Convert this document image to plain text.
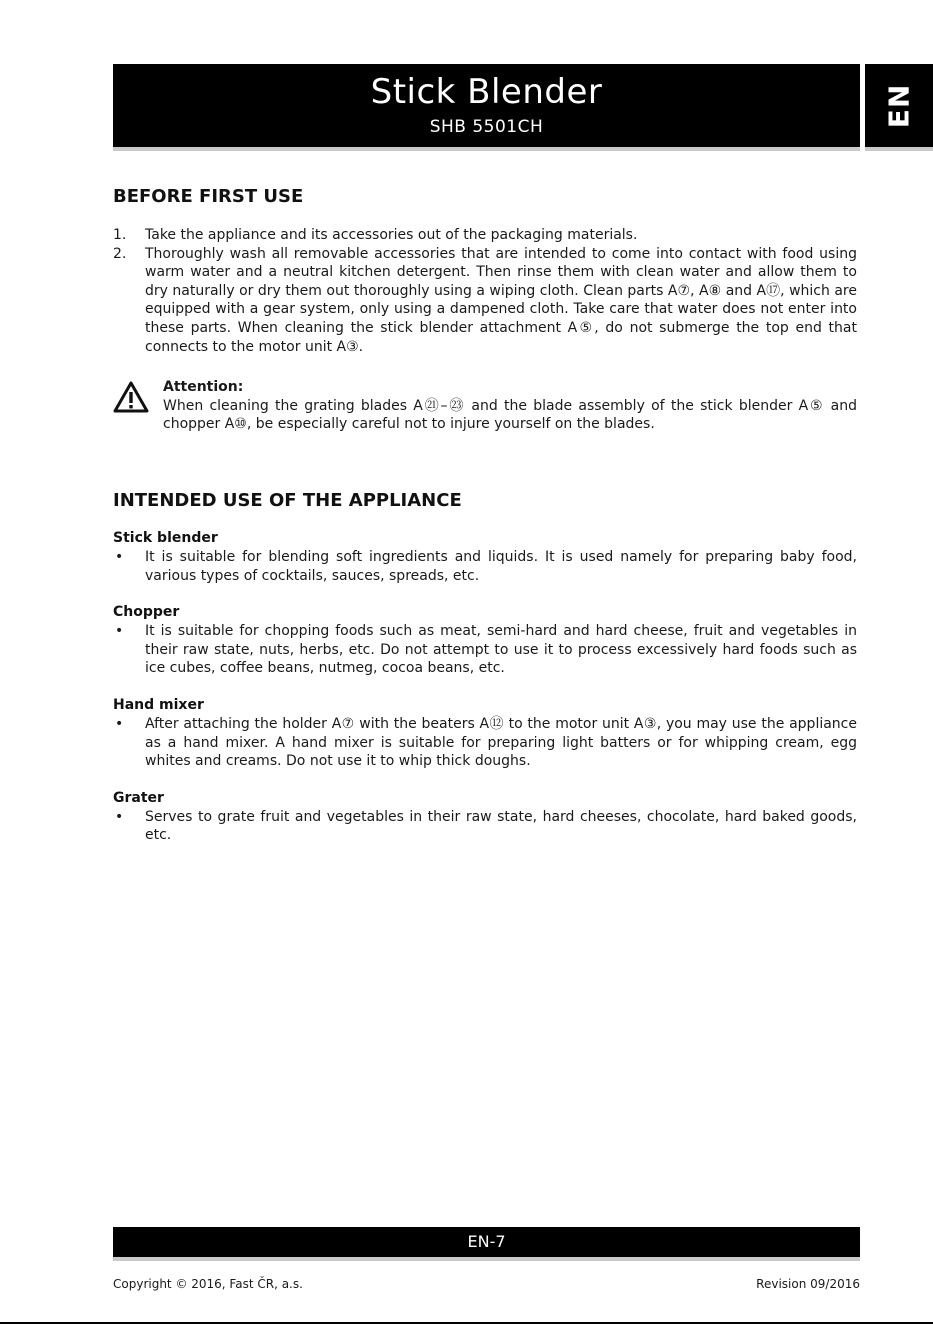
Stick Blender
SHB 5501CH	EN
BEFORE FIRST USE
1. Take the appliance and its accessories out of the packaging materials.
2. Thoroughly wash all removable accessories that are intended to come into contact with food using warm water and a neutral kitchen detergent. Then rinse them with clean water and allow them to dry naturally or dry them out thoroughly using a wiping cloth. Clean parts A⑦, A⑧ and A⑰, which are equipped with a gear system, only using a dampened cloth. Take care that water does not enter into these parts. When cleaning the stick blender attachment A⑤, do not submerge the top end that connects to the motor unit A③.
Attention:
When cleaning the grating blades A㉑–㉓ and the blade assembly of the stick blender A⑤ and chopper A⑩, be especially careful not to injure yourself on the blades.
INTENDED USE OF THE APPLIANCE
Stick blender
• It is suitable for blending soft ingredients and liquids. It is used namely for preparing baby food, various types of cocktails, sauces, spreads, etc.
Chopper
• It is suitable for chopping foods such as meat, semi-hard and hard cheese, fruit and vegetables in their raw state, nuts, herbs, etc. Do not attempt to use it to process excessively hard foods such as ice cubes, coffee beans, nutmeg, cocoa beans, etc.
Hand mixer
• After attaching the holder A⑦ with the beaters A⑫ to the motor unit A③, you may use the appliance as a hand mixer. A hand mixer is suitable for preparing light batters or for whipping cream, egg whites and creams. Do not use it to whip thick doughs.
Grater
• Serves to grate fruit and vegetables in their raw state, hard cheeses, chocolate, hard baked goods, etc.
EN-7
Copyright © 2016, Fast ČR, a.s.	Revision 09/2016
